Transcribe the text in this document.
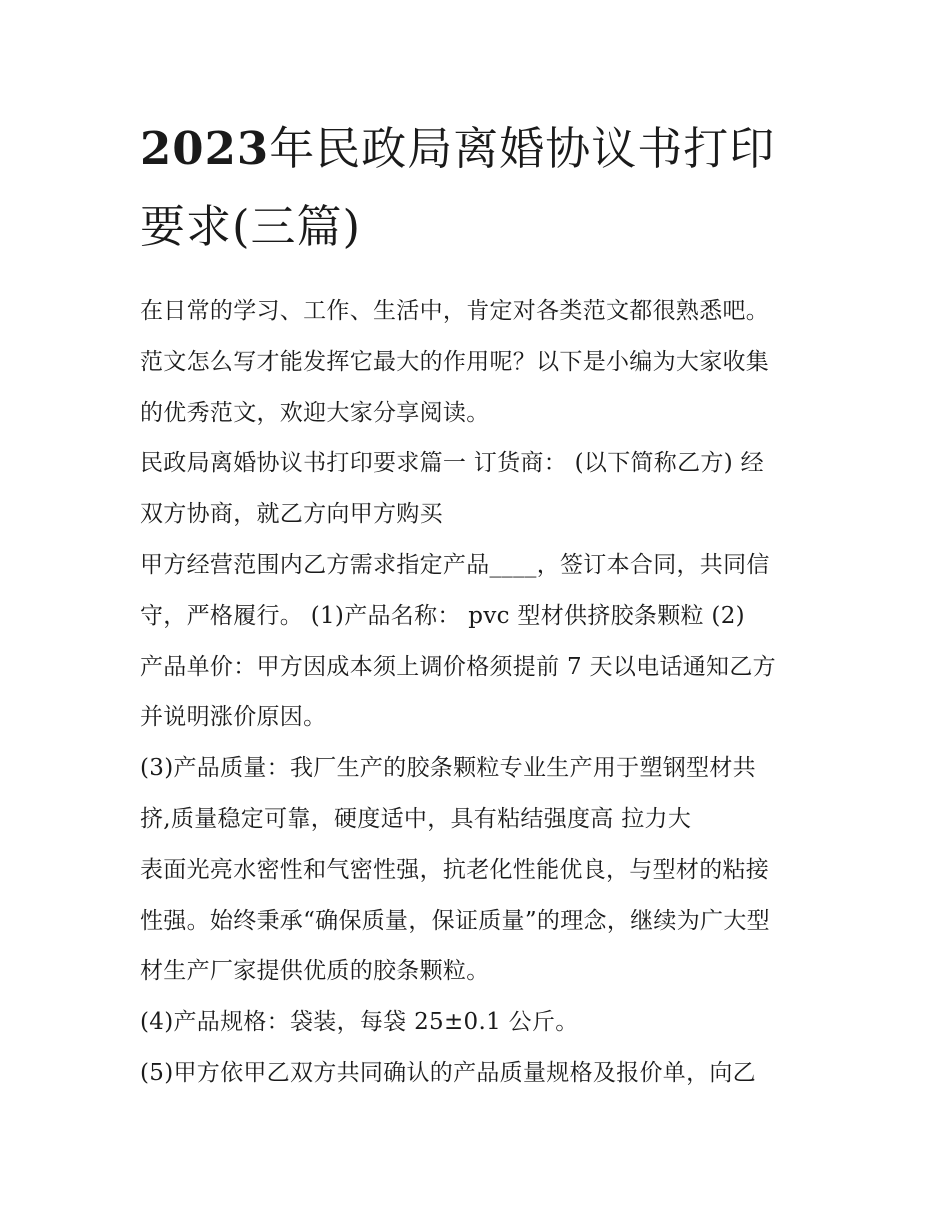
2023年民政局离婚协议书打印
要求(三篇)
在日常的学习、工作、生活中，肯定对各类范文都很熟悉吧。
范文怎么写才能发挥它最大的作用呢？以下是小编为大家收集
的优秀范文，欢迎大家分享阅读。
民政局离婚协议书打印要求篇一 订货商： (以下简称乙方) 经
双方协商，就乙方向甲方购买
甲方经营范围内乙方需求指定产品____，签订本合同，共同信
守，严格履行。 (1)产品名称： pvc 型材供挤胶条颗粒 (2)
产品单价：甲方因成本须上调价格须提前 7 天以电话通知乙方
并说明涨价原因。
(3)产品质量：我厂生产的胶条颗粒专业生产用于塑钢型材共
挤,质量稳定可靠，硬度适中，具有粘结强度高 拉力大
表面光亮水密性和气密性强，抗老化性能优良，与型材的粘接
性强。始终秉承“确保质量，保证质量”的理念，继续为广大型
材生产厂家提供优质的胶条颗粒。
(4)产品规格：袋装，每袋 25±0.1 公斤。
(5)甲方依甲乙双方共同确认的产品质量规格及报价单，向乙
